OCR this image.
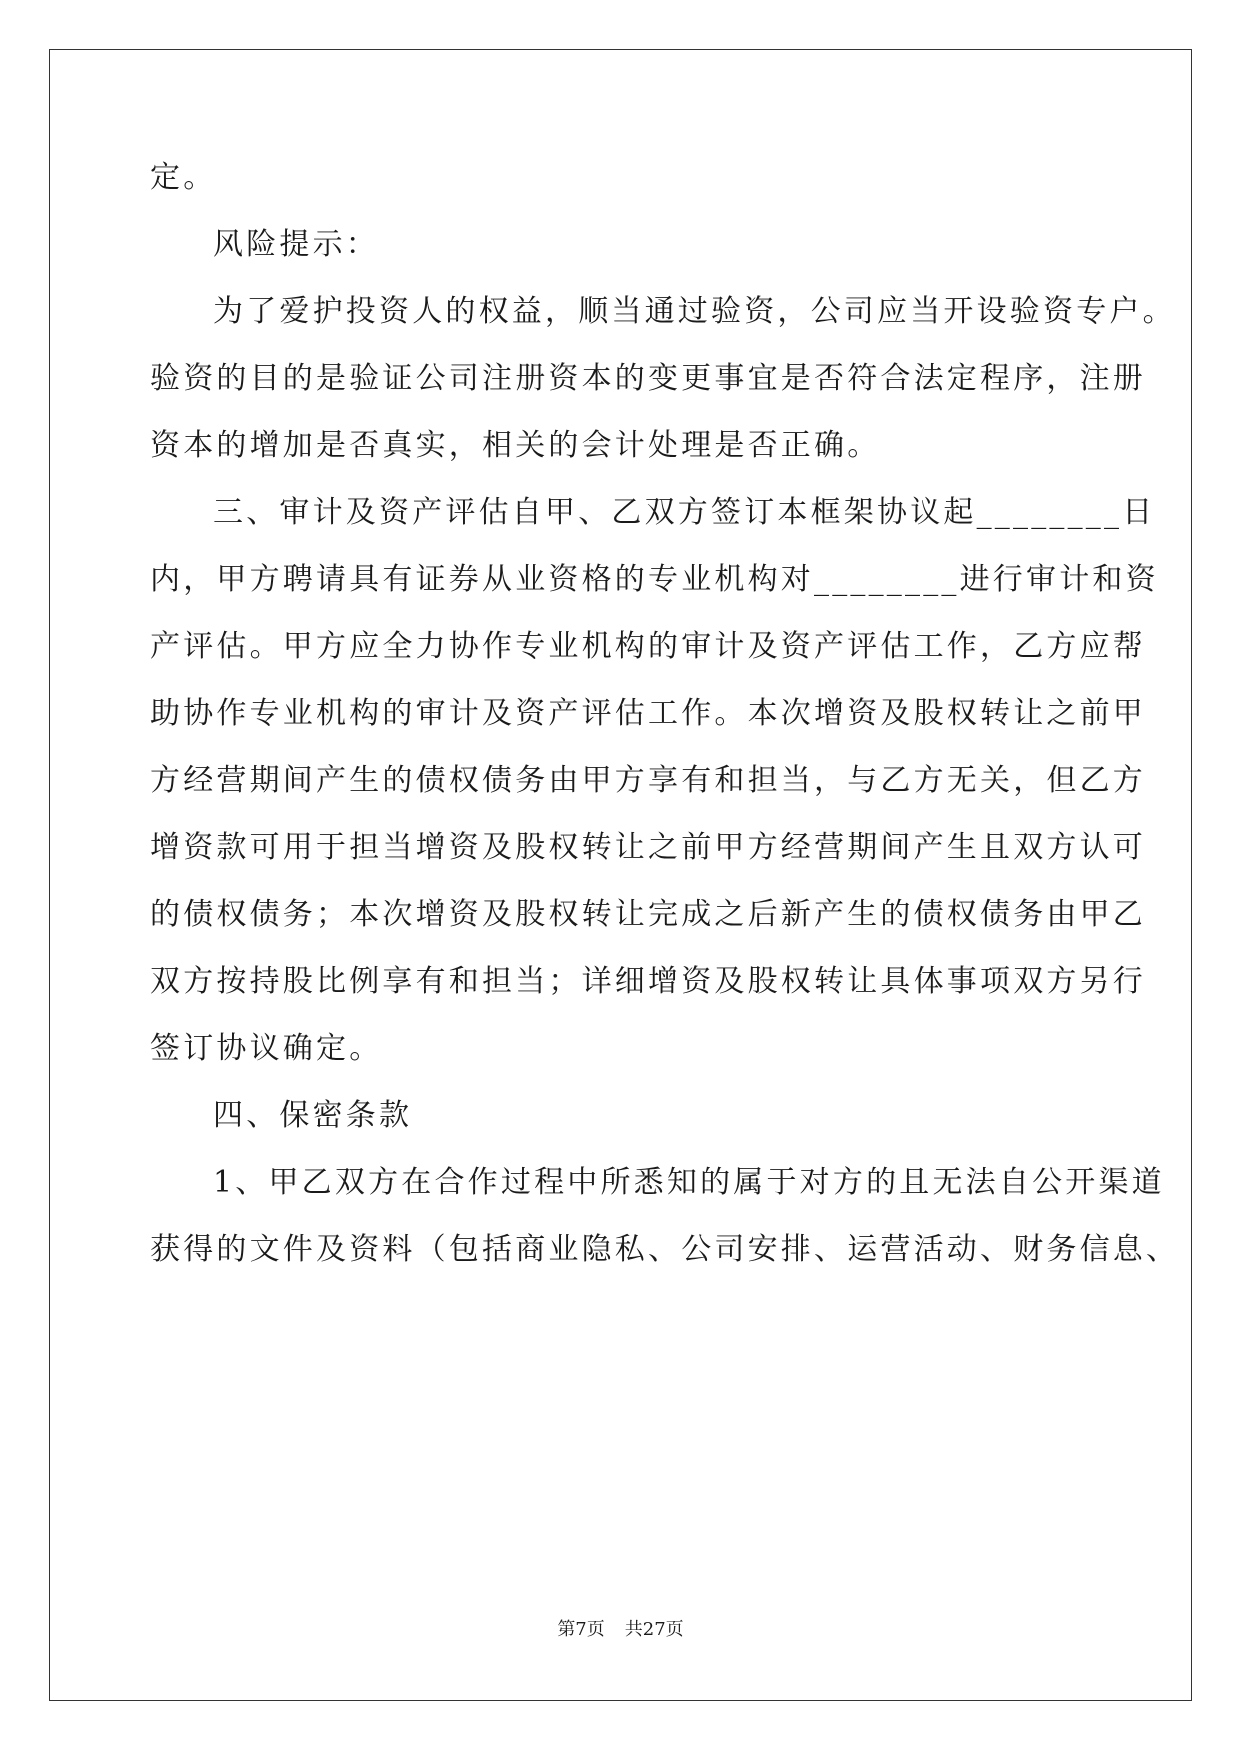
定。
风险提示：
为了爱护投资人的权益，顺当通过验资，公司应当开设验资专户。
验资的目的是验证公司注册资本的变更事宜是否符合法定程序，注册
资本的增加是否真实，相关的会计处理是否正确。
三、审计及资产评估自甲、乙双方签订本框架协议起________日
内，甲方聘请具有证券从业资格的专业机构对________进行审计和资
产评估。甲方应全力协作专业机构的审计及资产评估工作，乙方应帮
助协作专业机构的审计及资产评估工作。本次增资及股权转让之前甲
方经营期间产生的债权债务由甲方享有和担当，与乙方无关，但乙方
增资款可用于担当增资及股权转让之前甲方经营期间产生且双方认可
的债权债务；本次增资及股权转让完成之后新产生的债权债务由甲乙
双方按持股比例享有和担当；详细增资及股权转让具体事项双方另行
签订协议确定。
四、保密条款
1、甲乙双方在合作过程中所悉知的属于对方的且无法自公开渠道
获得的文件及资料（包括商业隐私、公司安排、运营活动、财务信息、
第7页 共27页
